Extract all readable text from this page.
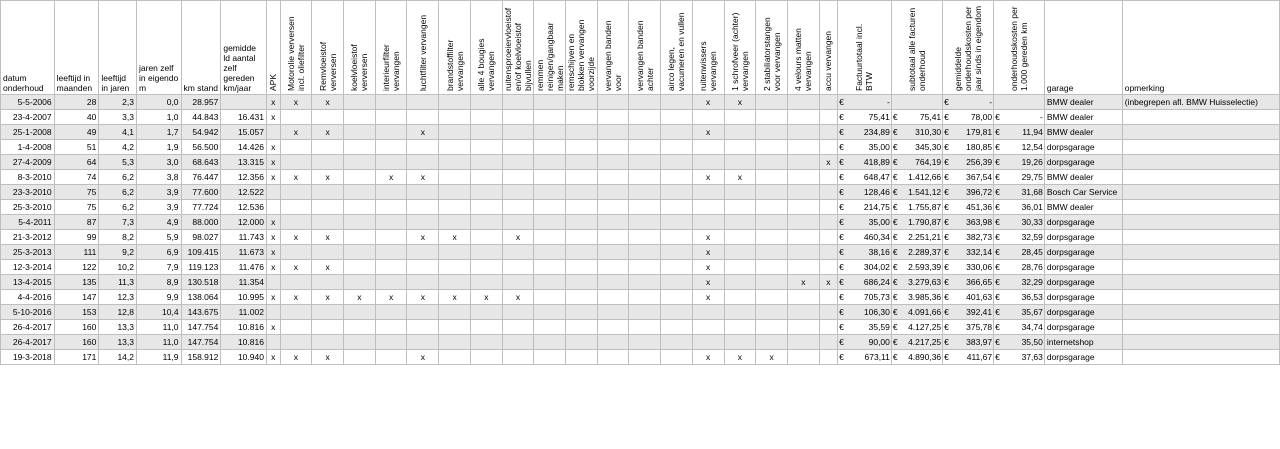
datum onderhoud	leeftijd in maanden	leeftijd in jaren	jaren zelf in eigendo m	km stand	gemidde ld aantal zelf gereden km/jaar	APK	Motorolie verversen incl. oliefilter	Remvloeistof verversen	koelvloeistof verversen	interieurfilter vervangen	luchtfilter vervangen	brandstoffilter vervangen	alle 4 bougies vervangen	ruitensproeiervloeistof en/of koelvloeistof bijvullen	remmen reinigen/gangbaar maken	remschijven en blokken vervangen voorzijde	vervangen banden voor	vervangen banden achter	airco legen, vacumeren en vullen	ruitenwissers vervangen	1 schrofveer (achter) vervangen	2 stabiliatorstangen voor vervangen	4 velours matten vervangen	accu vervangen	Factuurtotaal incl. BTW	subtotaal alle facturen onderhoud	gemiddelde onderhoudskosten per jaar sinds in eigendom	onderhoudskosten per 1.000 gereden km	garage	opmerking
5-5-2006	28	2,3	0,0	28.957		x	x	x												x	x				€ -		€ -		BMW dealer	(inbegrepen afl. BMW Huisselectie)
23-4-2007	40	3,3	1,0	44.843	16.431	x																			€ 75,41	€ 75,41	€ 78,00	€ -	BMW dealer	
25-1-2008	49	4,1	1,7	54.942	15.057		x	x			x									x					€ 234,89	€ 310,30	€ 179,81	€ 11,94	BMW dealer	
1-4-2008	51	4,2	1,9	56.500	14.426	x																			€ 35,00	€ 345,30	€ 180,85	€ 12,54	dorpsgarage	
27-4-2009	64	5,3	3,0	68.643	13.315	x																		x	€ 418,89	€ 764,19	€ 256,39	€ 19,26	dorpsgarage	
8-3-2010	74	6,2	3,8	76.447	12.356	x	x	x		x	x									x	x				€ 648,47	€ 1.412,66	€ 367,54	€ 29,75	BMW dealer	
23-3-2010	75	6,2	3,9	77.600	12.522																				€ 128,46	€ 1.541,12	€ 396,72	€ 31,68	Bosch Car Service	
25-3-2010	75	6,2	3,9	77.724	12.536																				€ 214,75	€ 1.755,87	€ 451,36	€ 36,01	BMW dealer	
5-4-2011	87	7,3	4,9	88.000	12.000	x																			€ 35,00	€ 1.790,87	€ 363,98	€ 30,33	dorpsgarage	
21-3-2012	99	8,2	5,9	98.027	11.743	x	x	x			x	x		x						x					€ 460,34	€ 2.251,21	€ 382,73	€ 32,59	dorpsgarage	
25-3-2013	111	9,2	6,9	109.415	11.673	x														x					€ 38,16	€ 2.289,37	€ 332,14	€ 28,45	dorpsgarage	
12-3-2014	122	10,2	7,9	119.123	11.476	x	x	x												x					€ 304,02	€ 2.593,39	€ 330,06	€ 28,76	dorpsgarage	
13-4-2015	135	11,3	8,9	130.518	11.354															x			x	x	€ 686,24	€ 3.279,63	€ 366,65	€ 32,29	dorpsgarage	
4-4-2016	147	12,3	9,9	138.064	10.995	x	x	x	x	x	x	x	x	x						x					€ 705,73	€ 3.985,36	€ 401,63	€ 36,53	dorpsgarage	
5-10-2016	153	12,8	10,4	143.675	11.002																				€ 106,30	€ 4.091,66	€ 392,41	€ 35,67	dorpsgarage	
26-4-2017	160	13,3	11,0	147.754	10.816	x																			€ 35,59	€ 4.127,25	€ 375,78	€ 34,74	dorpsgarage	
26-4-2017	160	13,3	11,0	147.754	10.816																				€ 90,00	€ 4.217,25	€ 383,97	€ 35,50	internetshop	
19-3-2018	171	14,2	11,9	158.912	10.940	x	x	x			x									x	x	x			€ 673,11	€ 4.890,36	€ 411,67	€ 37,63	dorpsgarage	
